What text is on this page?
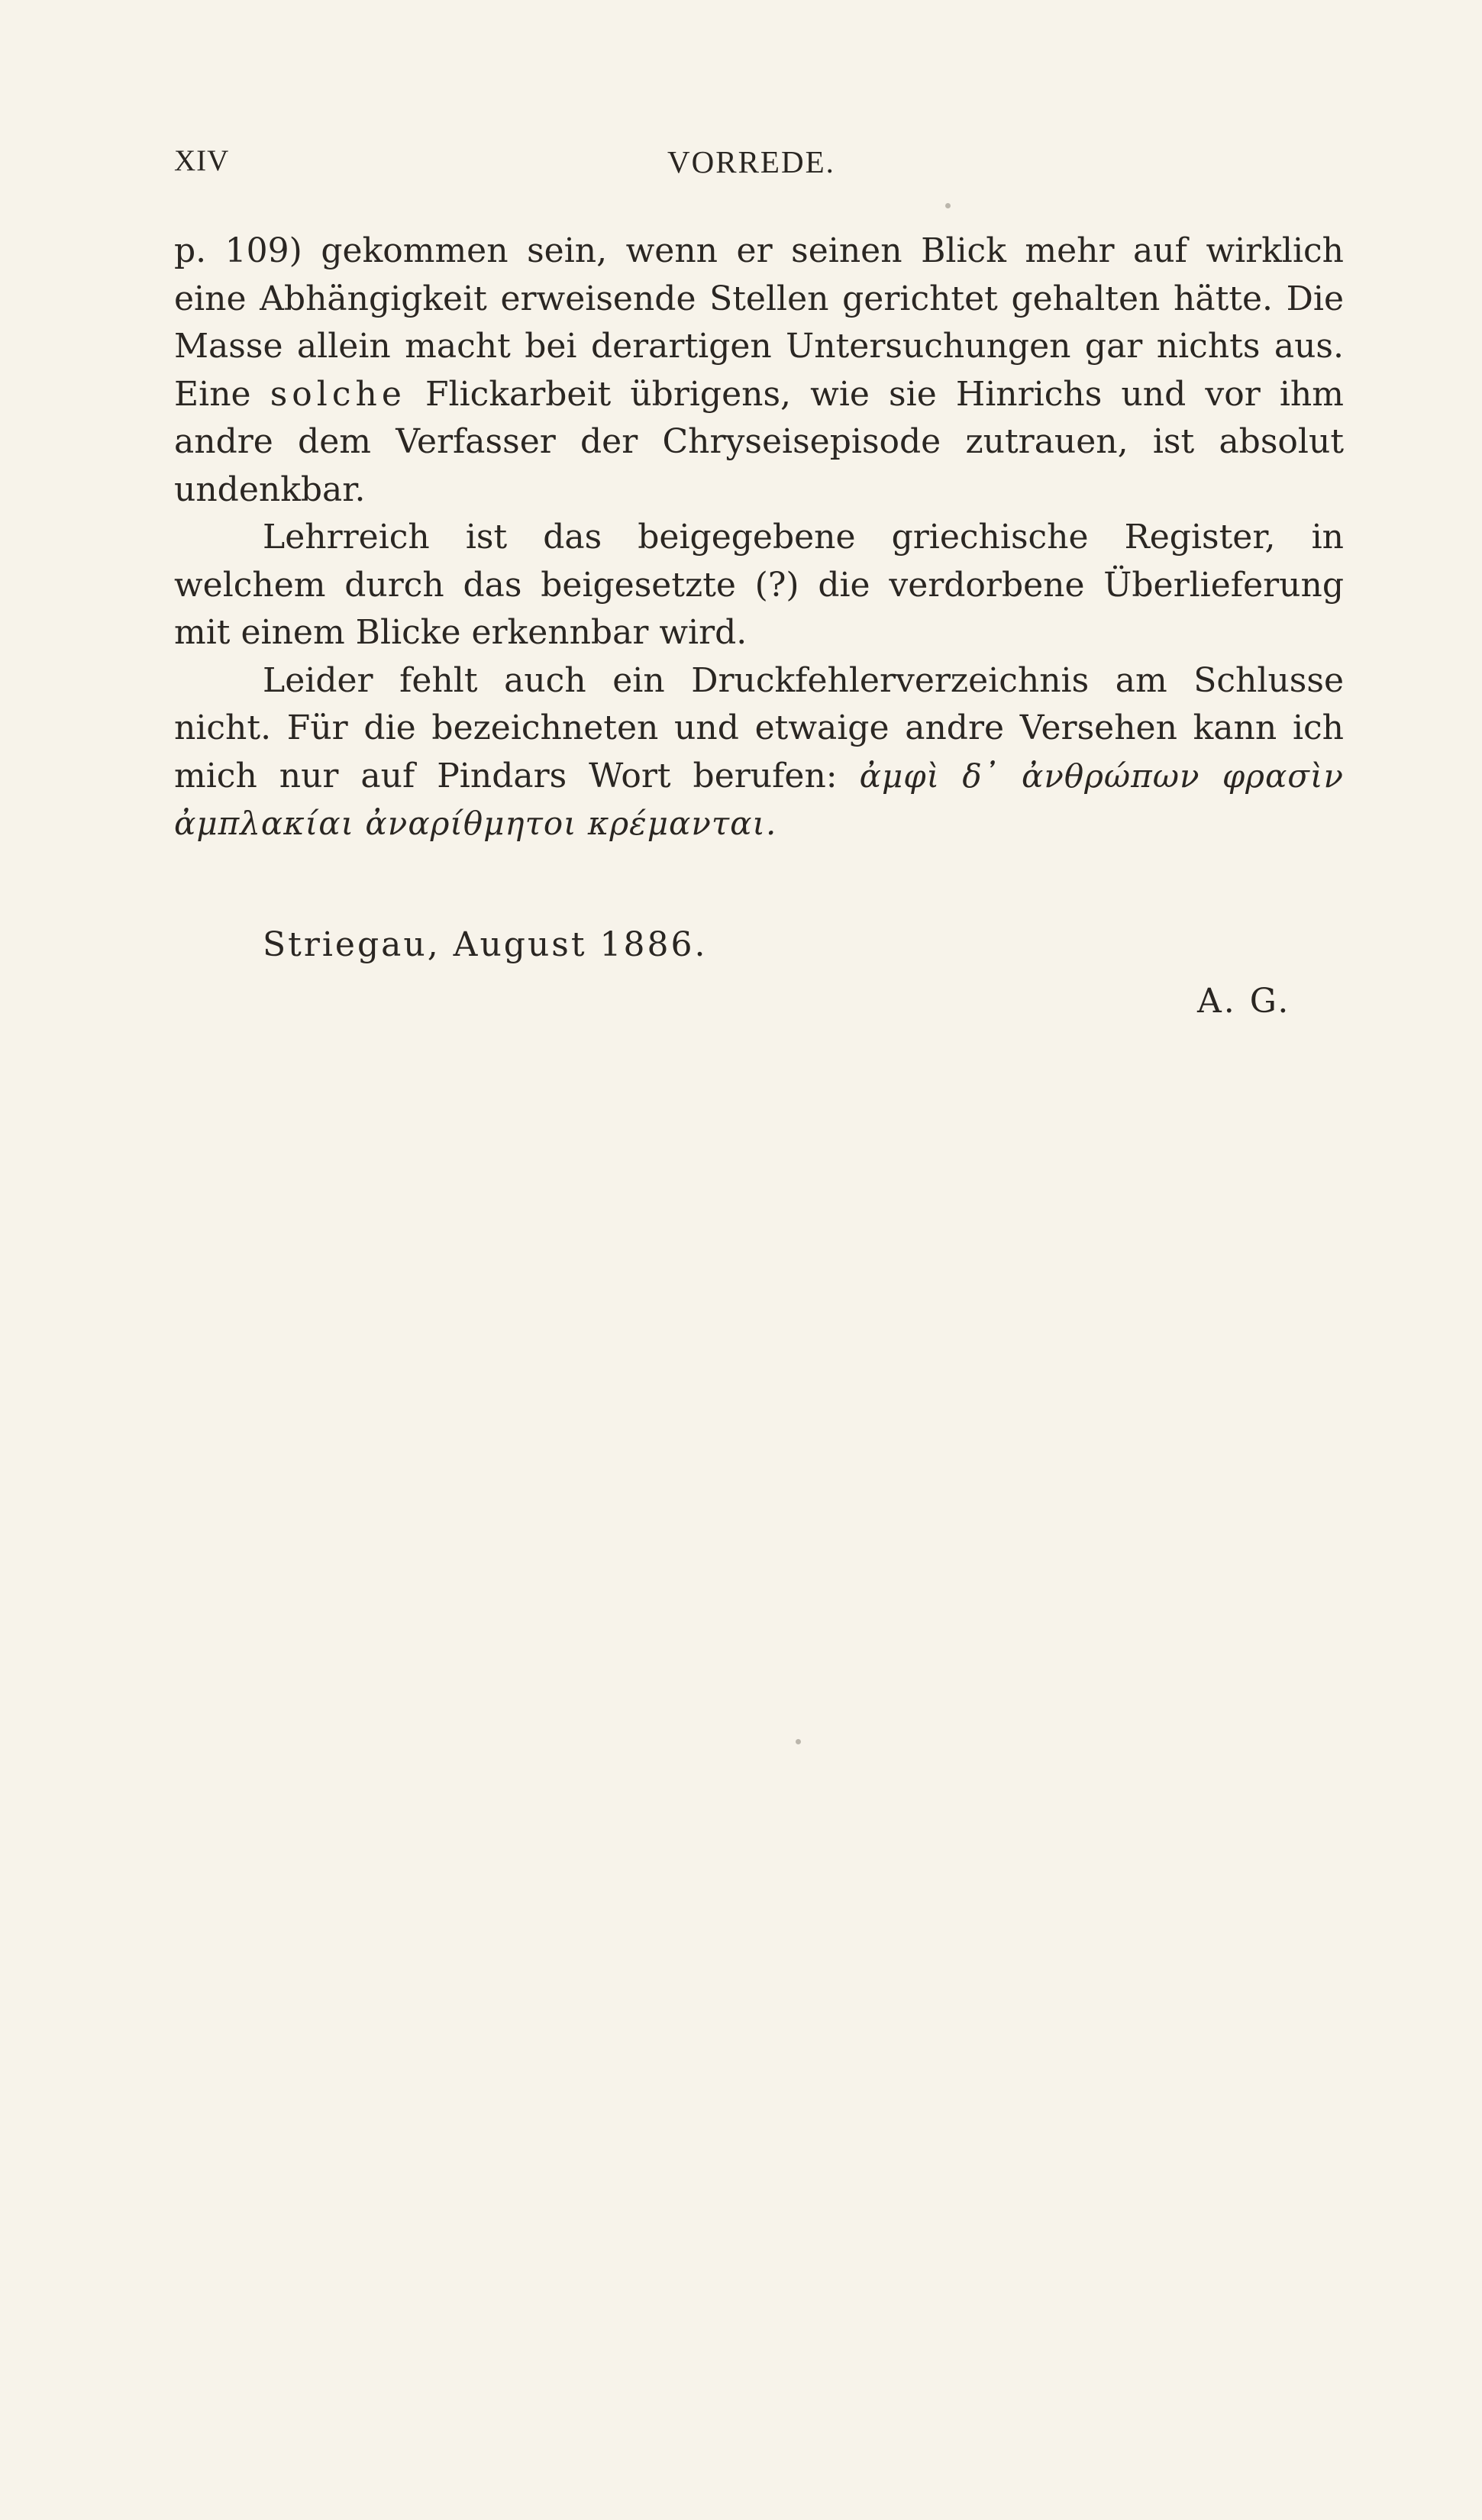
XIV	VORREDE.

p. 109) gekommen sein, wenn er seinen Blick mehr auf wirklich eine Abhängigkeit erweisende Stellen gerichtet gehalten hätte. Die Masse allein macht bei derartigen Untersuchungen gar nichts aus. Eine solche Flickarbeit übrigens, wie sie Hinrichs und vor ihm andre dem Verfasser der Chryseisepisode zutrauen, ist absolut undenkbar.

Lehrreich ist das beigegebene griechische Register, in welchem durch das beigesetzte (?) die verdorbene Überlieferung mit einem Blicke erkennbar wird.

Leider fehlt auch ein Druckfehlerverzeichnis am Schlusse nicht. Für die bezeichneten und etwaige andre Versehen kann ich mich nur auf Pindars Wort berufen: ἀμφὶ δ᾽ ἀνθρώπων φρασὶν ἀμπλακίαι ἀναρίθμητοι κρέμανται.

Striegau, August 1886.
A. G.
